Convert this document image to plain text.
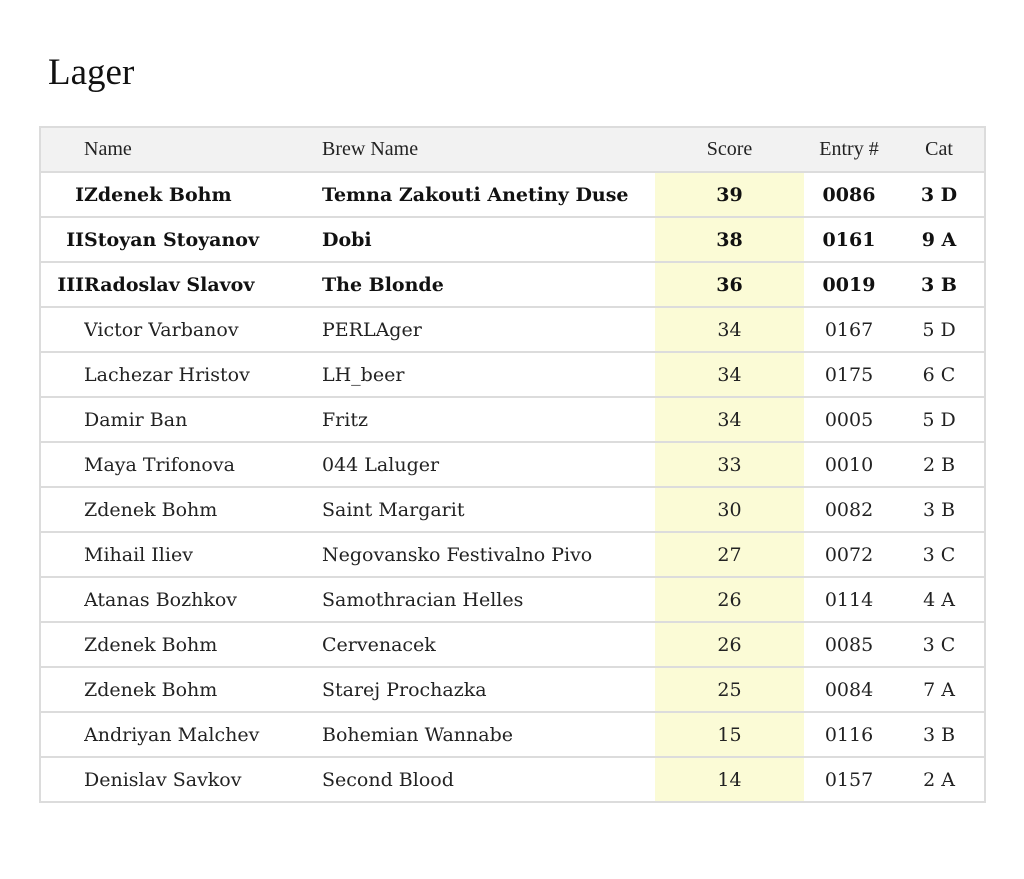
Lager
	Name	Brew Name	Score	Entry #	Cat
I	Zdenek Bohm	Temna Zakouti Anetiny Duse	39	0086	3 D
II	Stoyan Stoyanov	Dobi	38	0161	9 A
III	Radoslav Slavov	The Blonde	36	0019	3 B
	Victor Varbanov	PERLAger	34	0167	5 D
	Lachezar Hristov	LH_beer	34	0175	6 C
	Damir Ban	Fritz	34	0005	5 D
	Maya Trifonova	044 Laluger	33	0010	2 B
	Zdenek Bohm	Saint Margarit	30	0082	3 B
	Mihail Iliev	Negovansko Festivalno Pivo	27	0072	3 C
	Atanas Bozhkov	Samothracian Helles	26	0114	4 A
	Zdenek Bohm	Cervenacek	26	0085	3 C
	Zdenek Bohm	Starej Prochazka	25	0084	7 A
	Andriyan Malchev	Bohemian Wannabe	15	0116	3 B
	Denislav Savkov	Second Blood	14	0157	2 A
